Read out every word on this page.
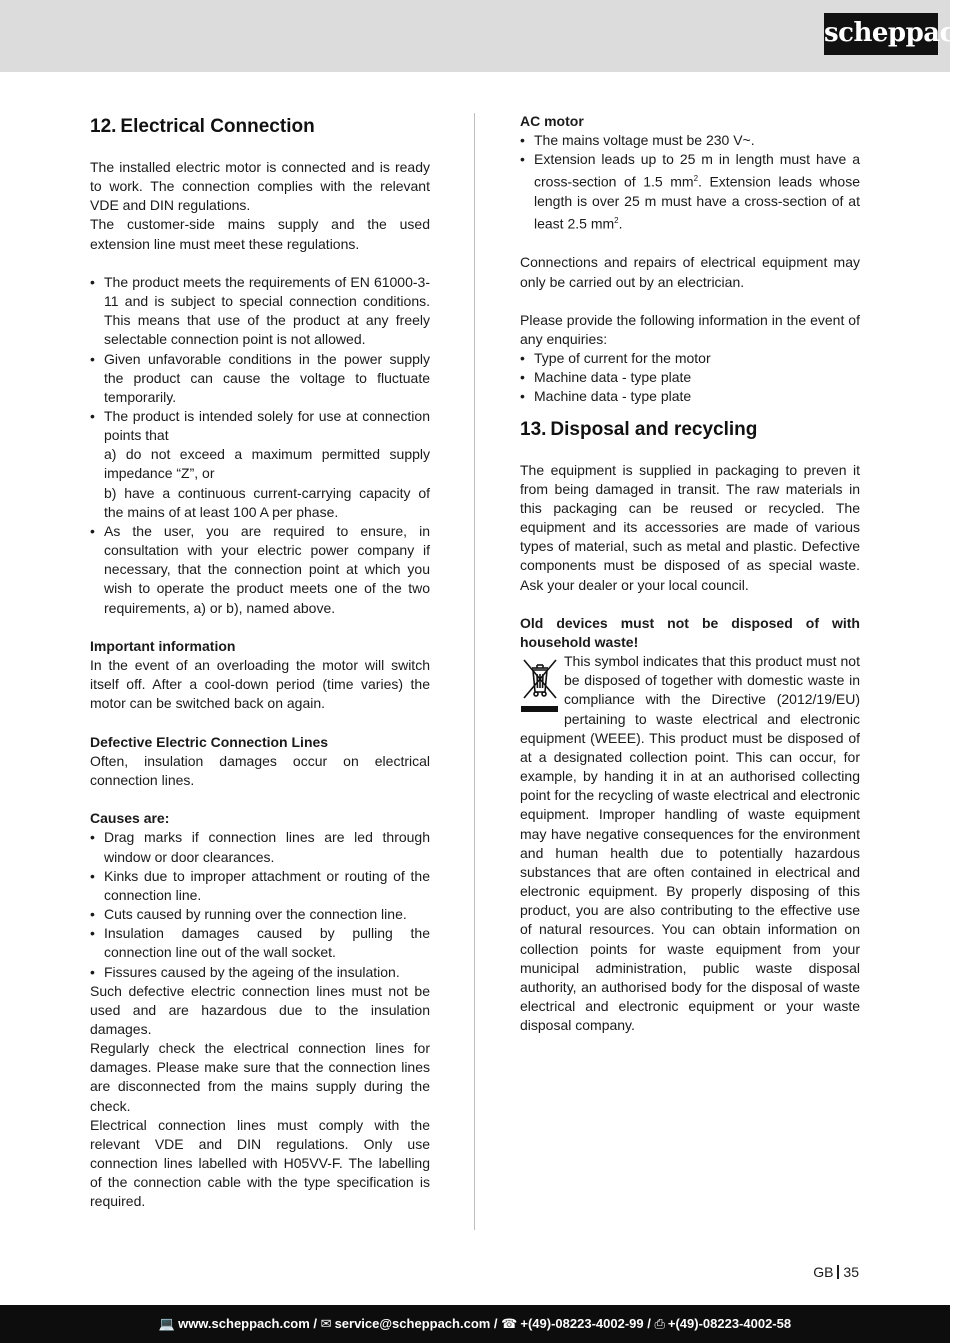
scheppach
12. Electrical Connection

The installed electric motor is connected and is ready to work. The connection complies with the relevant VDE and DIN regulations.

The customer-side mains supply and the used extension line must meet these regulations.

• The product meets the requirements of EN 61000-3-11 and is subject to special connection conditions. This means that use of the product at any freely selectable connection point is not allowed.
• Given unfavorable conditions in the power supply the product can cause the voltage to fluctuate temporarily.
• The product is intended solely for use at connection points that
a) do not exceed a maximum permitted supply impedance “Z”, or
b) have a continuous current-carrying capacity of the mains of at least 100 A per phase.
• As the user, you are required to ensure, in consultation with your electric power company if necessary, that the connection point at which you wish to operate the product meets one of the two requirements, a) or b), named above.

Important information

In the event of an overloading the motor will switch itself off. After a cool-down period (time varies) the motor can be switched back on again.

Defective Electric Connection Lines

Often, insulation damages occur on electrical connection lines.

Causes are:

• Drag marks if connection lines are led through window or door clearances.
• Kinks due to improper attachment or routing of the connection line.
• Cuts caused by running over the connection line.
• Insulation damages caused by pulling the connection line out of the wall socket.
• Fissures caused by the ageing of the insulation.

Such defective electric connection lines must not be used and are hazardous due to the insulation damages.

Regularly check the electrical connection lines for damages. Please make sure that the connection lines are disconnected from the mains supply during the check.

Electrical connection lines must comply with the relevant VDE and DIN regulations. Only use connection lines labelled with H05VV-F. The labelling of the connection cable with the type specification is required.

AC motor

• The mains voltage must be 230 V~.
• Extension leads up to 25 m in length must have a cross-section of 1.5 $mm^2$. Extension leads whose length is over 25 m must have a cross-section of at least 2.5 $mm^2$.

Connections and repairs of electrical equipment may only be carried out by an electrician.

Please provide the following information in the event of any enquiries:

• Type of current for the motor
• Machine data - type plate
• Machine data - type plate
13. Disposal and recycling

The equipment is supplied in packaging to preven it from being damaged in transit. The raw materials in this packaging can be reused or recycled. The equipment and its accessories are made of various types of material, such as metal and plastic. Defective components must be disposed of as special waste. Ask your dealer or your local council.

Old devices must not be disposed of with household waste!

This symbol indicates that this product must not be disposed of together with domestic waste in compliance with the Directive (2012/19/EU) pertaining to waste electrical and electronic equipment (WEEE). This product must be disposed of at a designated collection point. This can occur, for example, by handing it in at an authorised collecting point for the recycling of waste electrical and electronic equipment. Improper handling of waste equipment may have negative consequences for the environment and human health due to potentially hazardous substances that are often contained in electrical and electronic equipment. By properly disposing of this product, you are also contributing to the effective use of natural resources. You can obtain information on collection points for waste equipment from your municipal administration, public waste disposal authority, an authorised body for the disposal of waste electrical and electronic equipment or your waste disposal company.

GB 35
💻 www.scheppach.com / ✉ service@scheppach.com / ☎ +(49)-08223-4002-99 / ⎙ +(49)-08223-4002-58
